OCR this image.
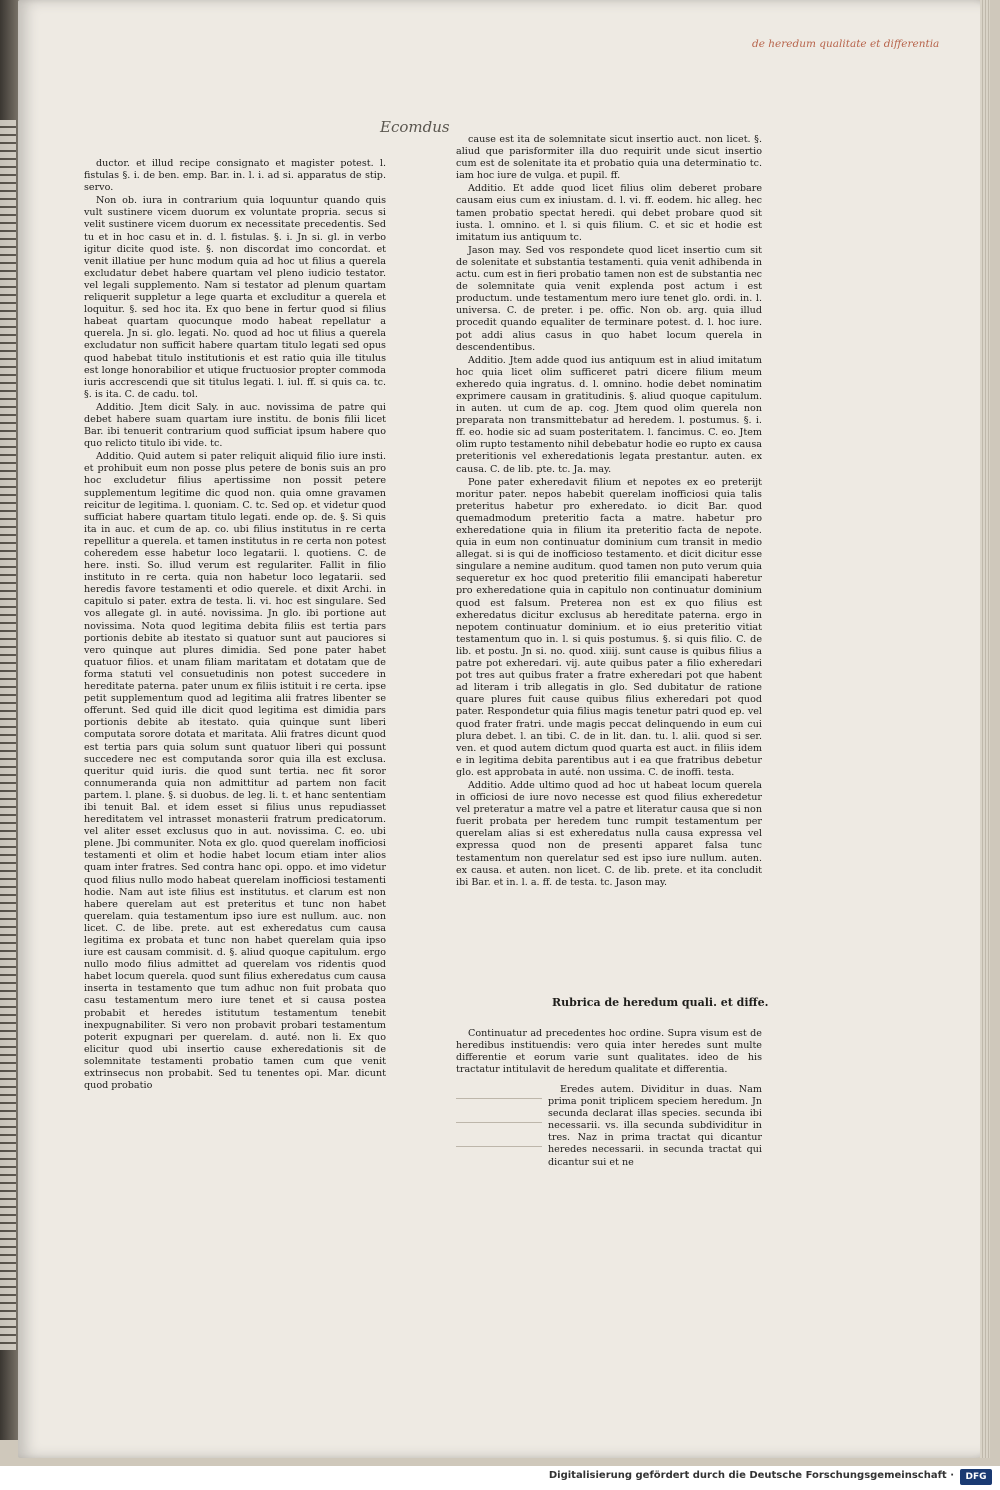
de heredum qualitate et differentia
Ecomdus

ductor. et illud recipe consignato et magister potest. l. fistulas §. i. de ben. emp. Bar. in. l. i. ad si. apparatus de stip. servo.

Non ob. iura in contrarium quia loquuntur quando quis vult sustinere vicem duorum ex voluntate propria. secus si velit sustinere vicem duorum ex necessitate precedentis. Sed tu et in hoc casu et in. d. l. fistulas. §. i. Jn si. gl. in verbo igitur dicite quod iste. §. non discordat imo concordat. et venit illatiue per hunc modum quia ad hoc ut filius a querela excludatur debet habere quartam vel pleno iudicio testator. vel legali supplemento. Nam si testator ad plenum quartam reliquerit suppletur a lege quarta et excluditur a querela et loquitur. §. sed hoc ita. Ex quo bene in fertur quod si filius habeat quartam quocunque modo habeat repellatur a querela. Jn si. glo. legati. No. quod ad hoc ut filius a querela excludatur non sufficit habere quartam titulo legati sed opus quod habebat titulo institutionis et est ratio quia ille titulus est longe honorabilior et utique fructuosior propter commoda iuris accrescendi que sit titulus legati. l. iul. ff. si quis ca. tc. §. is ita. C. de cadu. tol.

Additio. Jtem dicit Saly. in auc. novissima de patre qui debet habere suam quartam iure institu. de bonis filii licet Bar. ibi tenuerit contrarium quod sufficiat ipsum habere quo quo relicto titulo ibi vide. tc.

Additio. Quid autem si pater reliquit aliquid filio iure insti. et prohibuit eum non posse plus petere de bonis suis an pro hoc excludetur filius apertissime non possit petere supplementum legitime dic quod non. quia omne gravamen reicitur de legitima. l. quoniam. C. tc. Sed op. et videtur quod sufficiat habere quartam titulo legati. ende op. de. §. Si quis ita in auc. et cum de ap. co. ubi filius institutus in re certa repellitur a querela. et tamen institutus in re certa non potest coheredem esse habetur loco legatarii. l. quotiens. C. de here. insti. So. illud verum est regulariter. Fallit in filio instituto in re certa. quia non habetur loco legatarii. sed heredis favore testamenti et odio querele. et dixit Archi. in capitulo si pater. extra de testa. li. vi. hoc est singulare. Sed vos allegate gl. in auté. novissima. Jn glo. ibi portione aut novissima. Nota quod legitima debita filiis est tertia pars portionis debite ab itestato si quatuor sunt aut pauciores si vero quinque aut plures dimidia. Sed pone pater habet quatuor filios. et unam filiam maritatam et dotatam que de forma statuti vel consuetudinis non potest succedere in hereditate paterna. pater unum ex filiis istituit i re certa. ipse petit supplementum quod ad legitima alii fratres libenter se offerunt. Sed quid ille dicit quod legitima est dimidia pars portionis debite ab itestato. quia quinque sunt liberi computata sorore dotata et maritata. Alii fratres dicunt quod est tertia pars quia solum sunt quatuor liberi qui possunt succedere nec est computanda soror quia illa est exclusa. queritur quid iuris. die quod sunt tertia. nec fit soror connumeranda quia non admittitur ad partem non facit partem. l. plane. §. si duobus. de leg. li. t. et hanc sententiam ibi tenuit Bal. et idem esset si filius unus repudiasset hereditatem vel intrasset monasterii fratrum predicatorum. vel aliter esset exclusus quo in aut. novissima. C. eo. ubi plene. Jbi communiter. Nota ex glo. quod querelam inofficiosi testamenti et olim et hodie habet locum etiam inter alios quam inter fratres. Sed contra hanc opi. oppo. et imo videtur quod filius nullo modo habeat querelam inofficiosi testamenti hodie. Nam aut iste filius est institutus. et clarum est non habere querelam aut est preteritus et tunc non habet querelam. quia testamentum ipso iure est nullum. auc. non licet. C. de libe. prete. aut est exheredatus cum causa legitima ex probata et tunc non habet querelam quia ipso iure est causam commisit. d. §. aliud quoque capitulum. ergo nullo modo filius admittet ad querelam vos ridentis quod habet locum querela. quod sunt filius exheredatus cum causa inserta in testamento que tum adhuc non fuit probata quo casu testamentum mero iure tenet et si causa postea probabit et heredes istitutum testamentum tenebit inexpugnabiliter. Si vero non probavit probari testamentum poterit expugnari per querelam. d. auté. non li. Ex quo elicitur quod ubi insertio cause exheredationis sit de solemnitate testamenti probatio tamen cum que venit extrinsecus non probabit. Sed tu tenentes opi. Mar. dicunt quod probatio

cause est ita de solemnitate sicut insertio auct. non licet. §. aliud que parisformiter illa duo requirit unde sicut insertio cum est de solenitate ita et probatio quia una determinatio tc. iam hoc iure de vulga. et pupil. ff.

Additio. Et adde quod licet filius olim deberet probare causam eius cum ex iniustam. d. l. vi. ff. eodem. hic alleg. hec tamen probatio spectat heredi. qui debet probare quod sit iusta. l. omnino. et l. si quis filium. C. et sic et hodie est imitatum ius antiquum tc.

Jason may. Sed vos respondete quod licet insertio cum sit de solenitate et substantia testamenti. quia venit adhibenda in actu. cum est in fieri probatio tamen non est de substantia nec de solemnitate quia venit explenda post actum i est productum. unde testamentum mero iure tenet glo. ordi. in. l. universa. C. de preter. i pe. offic. Non ob. arg. quia illud procedit quando equaliter de terminare potest. d. l. hoc iure. pot addi alius casus in quo habet locum querela in descendentibus.

Additio. Jtem adde quod ius antiquum est in aliud imitatum hoc quia licet olim sufficeret patri dicere filium meum exheredo quia ingratus. d. l. omnino. hodie debet nominatim exprimere causam in gratitudinis. §. aliud quoque capitulum. in auten. ut cum de ap. cog. Jtem quod olim querela non preparata non transmittebatur ad heredem. l. postumus. §. i. ff. eo. hodie sic ad suam posteritatem. l. fancimus. C. eo. Jtem olim rupto testamento nihil debebatur hodie eo rupto ex causa preteritionis vel exheredationis legata prestantur. auten. ex causa. C. de lib. pte. tc. Ja. may.

Pone pater exheredavit filium et nepotes ex eo preterijt moritur pater. nepos habebit querelam inofficiosi quia talis preteritus habetur pro exheredato. io dicit Bar. quod quemadmodum preteritio facta a matre. habetur pro exheredatione quia in filium ita preteritio facta de nepote. quia in eum non continuatur dominium cum transit in medio allegat. si is qui de inofficioso testamento. et dicit dicitur esse singulare a nemine auditum. quod tamen non puto verum quia sequeretur ex hoc quod preteritio filii emancipati haberetur pro exheredatione quia in capitulo non continuatur dominium quod est falsum. Preterea non est ex quo filius est exheredatus dicitur exclusus ab hereditate paterna. ergo in nepotem continuatur dominium. et io eius preteritio vitiat testamentum quo in. l. si quis postumus. §. si quis filio. C. de lib. et postu. Jn si. no. quod. xiiij. sunt cause is quibus filius a patre pot exheredari. vij. aute quibus pater a filio exheredari pot tres aut quibus frater a fratre exheredari pot que habent ad literam i trib allegatis in glo. Sed dubitatur de ratione quare plures fuit cause quibus filius exheredari pot quod pater. Respondetur quia filius magis tenetur patri quod ep. vel quod frater fratri. unde magis peccat delinquendo in eum cui plura debet. l. an tibi. C. de in lit. dan. tu. l. alii. quod si ser. ven. et quod autem dictum quod quarta est auct. in filiis idem e in legitima debita parentibus aut i ea que fratribus debetur glo. est approbata in auté. non ussima. C. de inoffi. testa.

Additio. Adde ultimo quod ad hoc ut habeat locum querela in officiosi de iure novo necesse est quod filius exheredetur vel preteratur a matre vel a patre et literatur causa que si non fuerit probata per heredem tunc rumpit testamentum per querelam alias si est exheredatus nulla causa expressa vel expressa quod non de presenti apparet falsa tunc testamentum non querelatur sed est ipso iure nullum. auten. ex causa. et auten. non licet. C. de lib. prete. et ita concludit ibi Bar. et in. l. a. ff. de testa. tc. Jason may.

Rubrica de heredum quali. et diffe.

Continuatur ad precedentes hoc ordine. Supra visum est de heredibus instituendis: vero quia inter heredes sunt multe differentie et eorum varie sunt qualitates. ideo de his tractatur intitulavit de heredum qualitate et differentia.

Eredes autem. Dividitur in duas. Nam prima ponit triplicem speciem heredum. Jn secunda declarat illas species. secunda ibi necessarii. vs. illa secunda subdividitur in tres. Naz in prima tractat qui dicantur heredes necessarii. in secunda tractat qui dicantur sui et ne

Digitalisierung gefördert durch die Deutsche Forschungsgemeinschaft ·	DFG
